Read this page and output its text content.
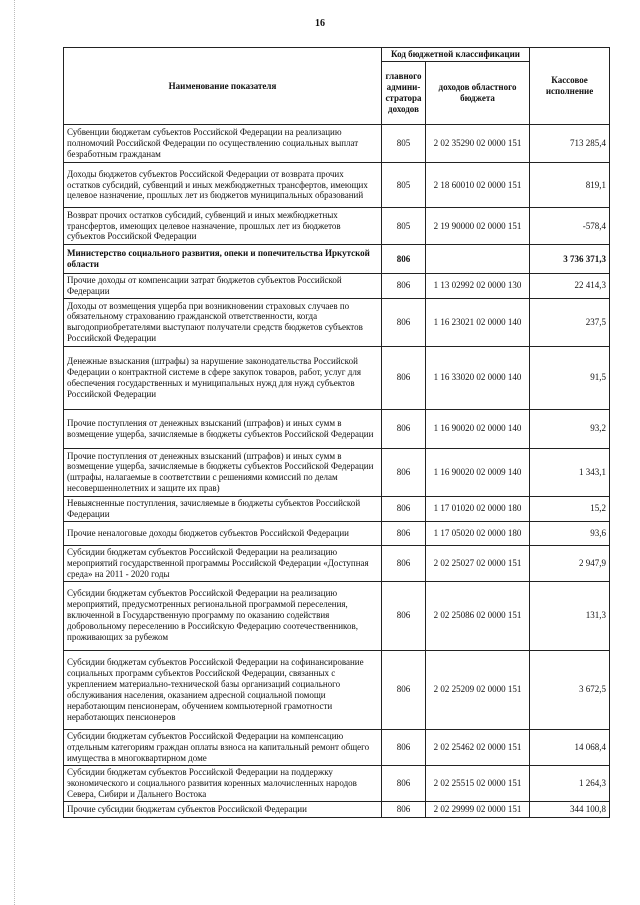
16
Наименование показателя	Код бюджетной классификации		Кассовое исполнение
	главного админи-стратора доходов	доходов областного бюджета	
Субвенции бюджетам субъектов Российской Федерации на реализацию полномочий Российской Федерации по осуществлению социальных выплат безработным гражданам	805	2 02 35290 02 0000 151	713 285,4
Доходы бюджетов субъектов Российской Федерации от возврата прочих остатков субсидий, субвенций и иных межбюджетных трансфертов, имеющих целевое назначение, прошлых лет из бюджетов муниципальных образований	805	2 18 60010 02 0000 151	819,1
Возврат прочих остатков субсидий, субвенций и иных межбюджетных трансфертов, имеющих целевое назначение, прошлых лет из бюджетов субъектов Российской Федерации	805	2 19 90000 02 0000 151	-578,4
Министерство социального развития, опеки и попечительства Иркутской области	806		3 736 371,3
Прочие доходы от компенсации затрат бюджетов субъектов Российской Федерации	806	1 13 02992 02 0000 130	22 414,3
Доходы от возмещения ущерба при возникновении страховых случаев по обязательному страхованию гражданской ответственности, когда выгодоприобретателями выступают получатели средств бюджетов субъектов Российской Федерации	806	1 16 23021 02 0000 140	237,5
Денежные взыскания (штрафы) за нарушение законодательства Российской Федерации о контрактной системе в сфере закупок товаров, работ, услуг для обеспечения государственных и муниципальных нужд для нужд субъектов Российской Федерации	806	1 16 33020 02 0000 140	91,5
Прочие поступления от денежных взысканий (штрафов) и иных сумм в возмещение ущерба, зачисляемые в бюджеты субъектов Российской Федерации	806	1 16 90020 02 0000 140	93,2
Прочие поступления от денежных взысканий (штрафов) и иных сумм в возмещение ущерба, зачисляемые в бюджеты субъектов Российской Федерации (штрафы, налагаемые в соответствии с решениями комиссий по делам несовершеннолетних и защите их прав)	806	1 16 90020 02 0009 140	1 343,1
Невыясненные поступления, зачисляемые в бюджеты субъектов Российской Федерации	806	1 17 01020 02 0000 180	15,2
Прочие неналоговые доходы бюджетов субъектов Российской Федерации	806	1 17 05020 02 0000 180	93,6
Субсидии бюджетам субъектов Российской Федерации на реализацию мероприятий государственной программы Российской Федерации «Доступная среда» на 2011 - 2020 годы	806	2 02 25027 02 0000 151	2 947,9
Субсидии бюджетам субъектов Российской Федерации на реализацию мероприятий, предусмотренных региональной программой переселения, включенной в Государственную программу по оказанию содействия добровольному переселению в Российскую Федерацию соотечественников, проживающих за рубежом	806	2 02 25086 02 0000 151	131,3
Субсидии бюджетам субъектов Российской Федерации на софинансирование социальных программ субъектов Российской Федерации, связанных с укреплением материально-технической базы организаций социального обслуживания населения, оказанием адресной социальной помощи неработающим пенсионерам, обучением компьютерной грамотности неработающих пенсионеров	806	2 02 25209 02 0000 151	3 672,5
Субсидии бюджетам субъектов Российской Федерации на компенсацию отдельным категориям граждан оплаты взноса на капитальный ремонт общего имущества в многоквартирном доме	806	2 02 25462 02 0000 151	14 068,4
Субсидии бюджетам субъектов Российской Федерации на поддержку экономического и социального развития коренных малочисленных народов Севера, Сибири и Дальнего Востока	806	2 02 25515 02 0000 151	1 264,3
Прочие субсидии бюджетам субъектов Российской Федерации	806	2 02 29999 02 0000 151	344 100,8
